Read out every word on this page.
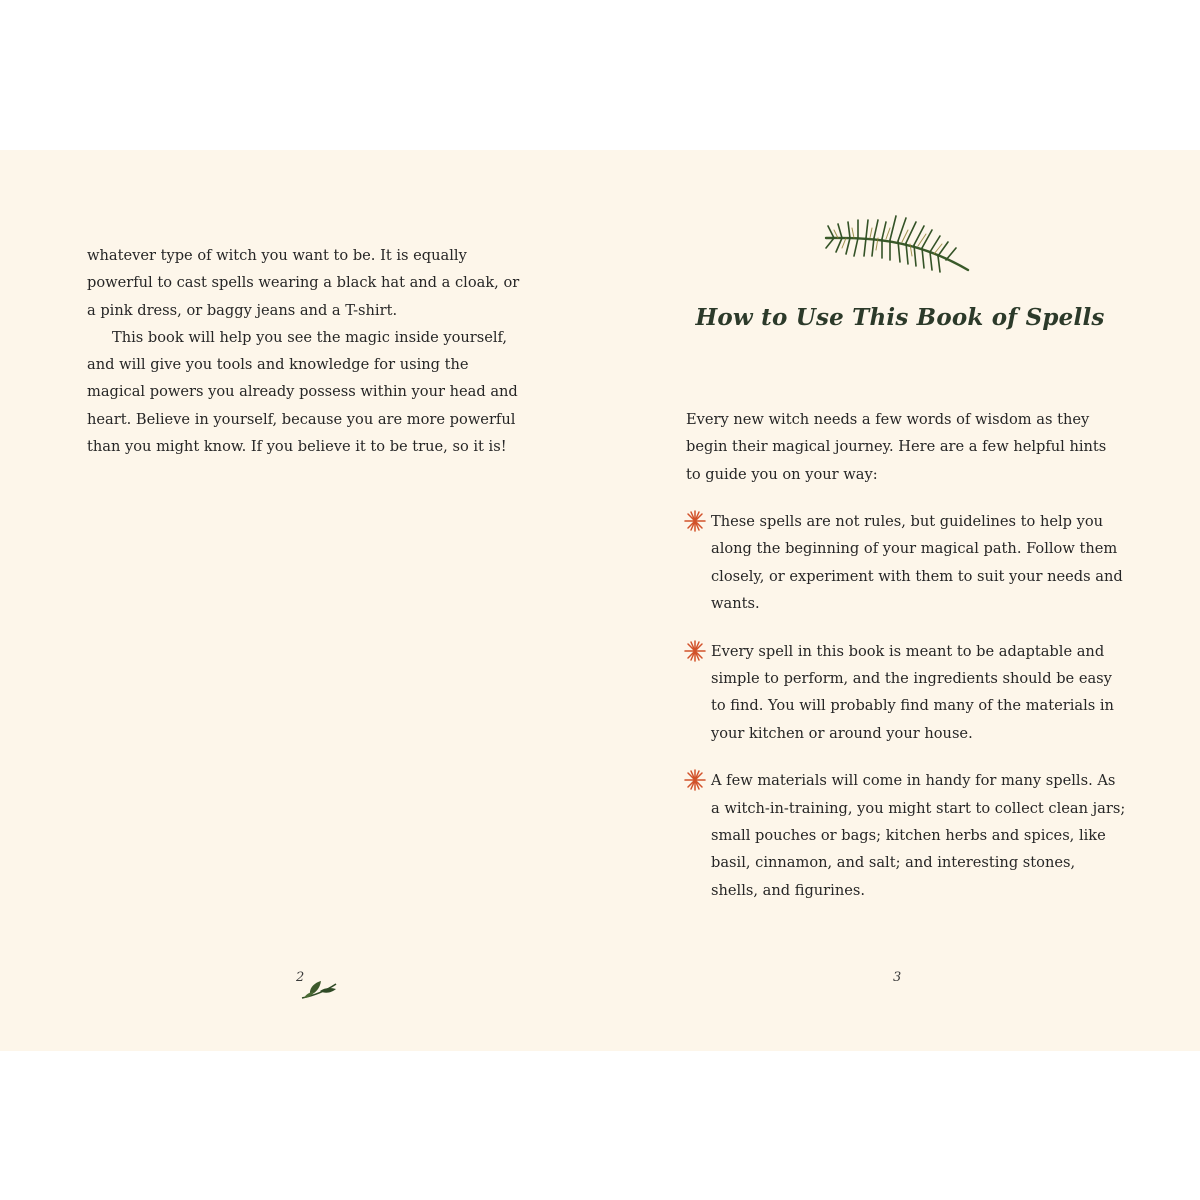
whatever type of witch you want to be. It is equally powerful to cast spells wearing a black hat and a cloak, or a pink dress, or baggy jeans and a T-shirt.

This book will help you see the magic inside yourself, and will give you tools and knowledge for using the magical powers you already possess within your head and heart. Believe in yourself, because you are more powerful than you might know. If you believe it to be true, so it is!

2
How to Use This Book of Spells

Every new witch needs a few words of wisdom as they begin their magical journey. Here are a few helpful hints to guide you on your way:

These spells are not rules, but guidelines to help you along the beginning of your magical path. Follow them closely, or experiment with them to suit your needs and wants.
Every spell in this book is meant to be adaptable and simple to perform, and the ingredients should be easy to find. You will probably find many of the materials in your kitchen or around your house.
A few materials will come in handy for many spells. As a witch-in-training, you might start to collect clean jars; small pouches or bags; kitchen herbs and spices, like basil, cinnamon, and salt; and interesting stones, shells, and figurines.
3
